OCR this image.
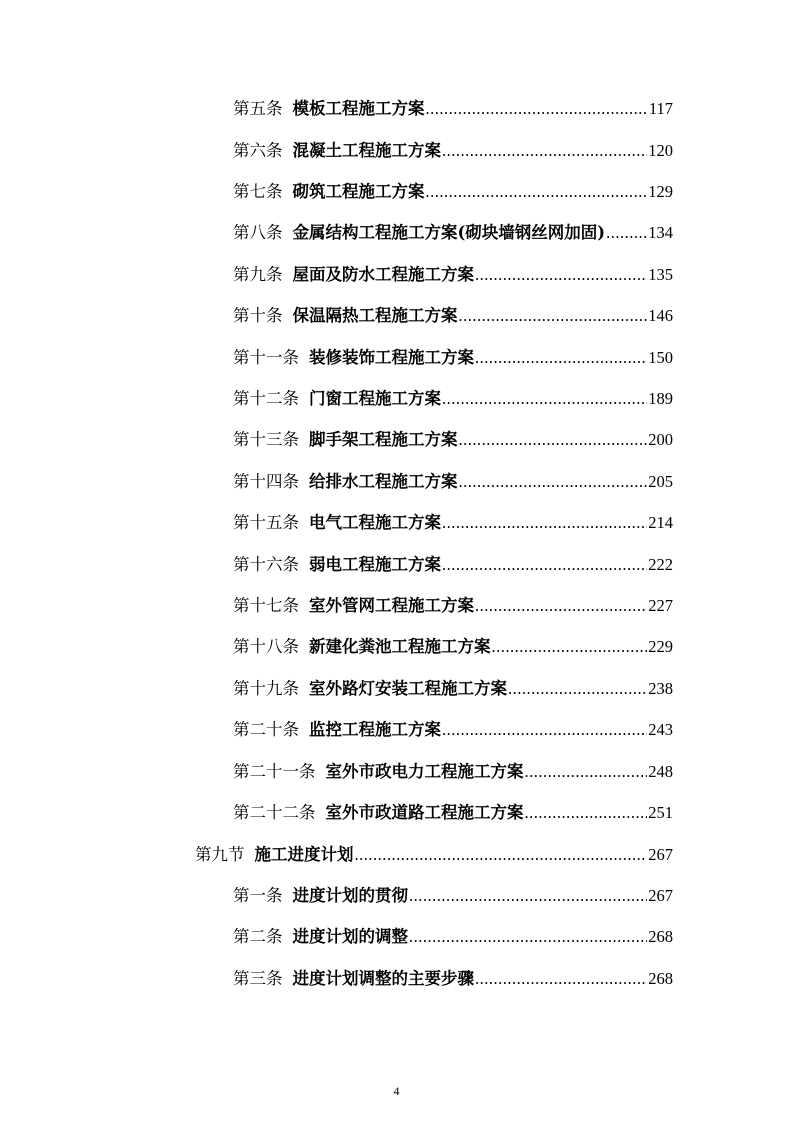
第五条 模板工程施工方案 .....	117
第六条 混凝土工程施工方案 .....	120
第七条 砌筑工程施工方案 .....	129
第八条 金属结构工程施工方案(砌块墙钢丝网加固) .....	134
第九条 屋面及防水工程施工方案 .....	135
第十条 保温隔热工程施工方案 .....	146
第十一条 装修装饰工程施工方案 .....	150
第十二条 门窗工程施工方案 .....	189
第十三条 脚手架工程施工方案 .....	200
第十四条 给排水工程施工方案 .....	205
第十五条 电气工程施工方案 .....	214
第十六条 弱电工程施工方案 .....	222
第十七条 室外管网工程施工方案 .....	227
第十八条 新建化粪池工程施工方案 .....	229
第十九条 室外路灯安装工程施工方案 .....	238
第二十条 监控工程施工方案 .....	243
第二十一条 室外市政电力工程施工方案 .....	248
第二十二条 室外市政道路工程施工方案 .....	251
第九节 施工进度计划 .....	267
第一条 进度计划的贯彻 .....	267
第二条 进度计划的调整 .....	268
第三条 进度计划调整的主要步骤 .....	268
4
